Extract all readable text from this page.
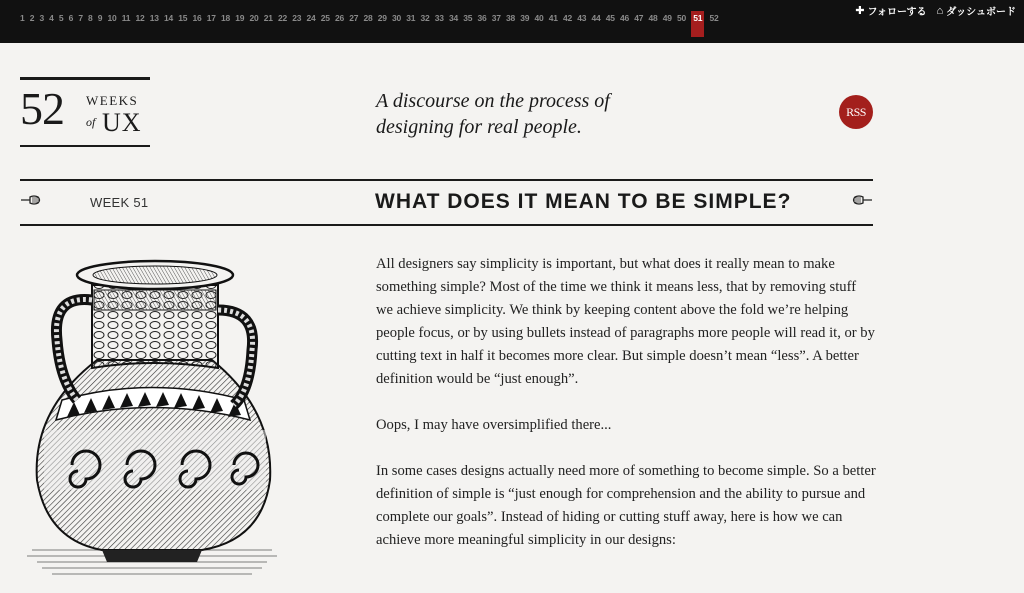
1 2 3 4 5 6 7 8 9 10 11 12 13 14 15 16 17 18 19 20 21 22 23 24 25 26 27 28 29 30 31 32 33 34 35 36 37 38 39 40 41 42 43 44 45 46 47 48 49 50 51 52
✚ フォローする ⌂ ダッシュボード
52 WEEKS
of UX
A discourse on the process of
designing for real people.
RSS
WEEK 51	WHAT DOES IT MEAN TO BE SIMPLE?

All designers say simplicity is important, but what does it really mean to make something simple? Most of the time we think it means less, that by removing stuff we achieve simplicity. We think by keeping content above the fold we’re helping people focus, or by using bullets instead of paragraphs more people will read it, or by cutting text in half it becomes more clear. But simple doesn’t mean “less”. A better definition would be “just enough”.

Oops, I may have oversimplified there...

In some cases designs actually need more of something to become simple. So a better definition of simple is “just enough for comprehension and the ability to pursue and complete our goals”. Instead of hiding or cutting stuff away, here is how we can achieve more meaningful simplicity in our designs:
